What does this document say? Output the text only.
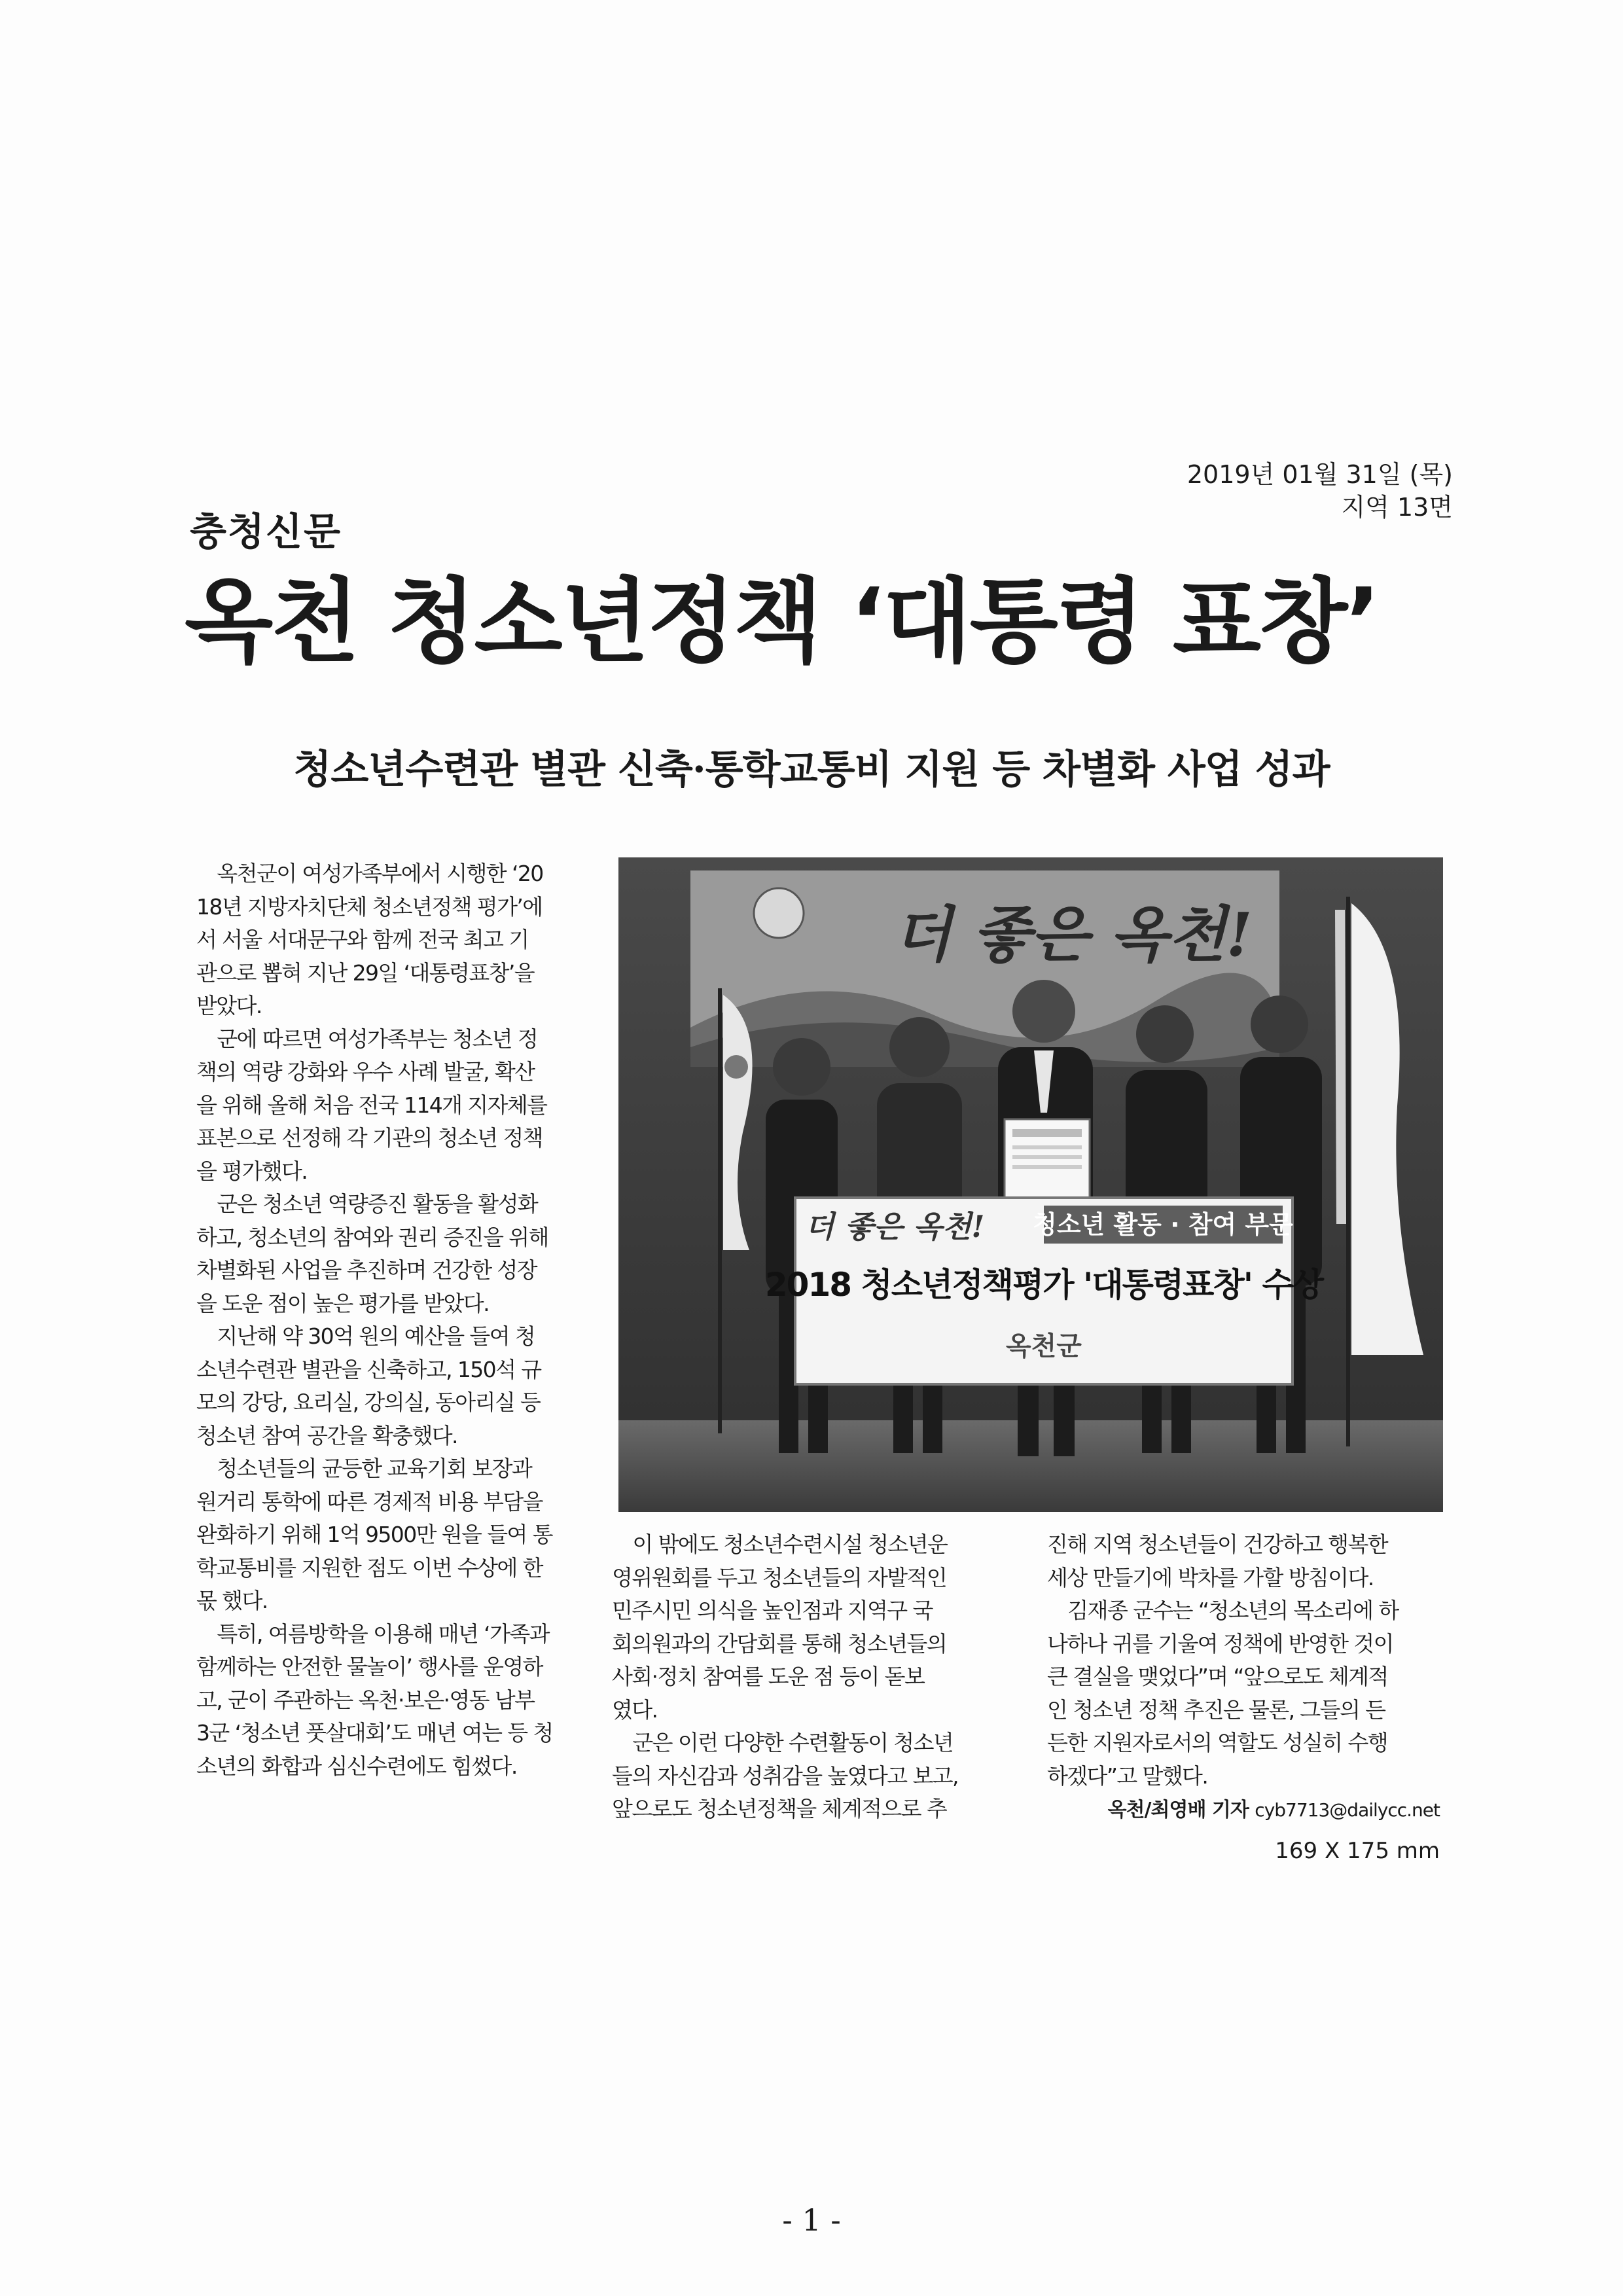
충청신문
2019년 01월 31일 (목)
지역 13면
옥천 청소년정책 ‘대통령 표창’
청소년수련관 별관 신축·통학교통비 지원 등 차별화 사업 성과

　옥천군이 여성가족부에서 시행한 ‘20

18년 지방자치단체 청소년정책 평가’에

서 서울 서대문구와 함께 전국 최고 기

관으로 뽑혀 지난 29일 ‘대통령표창’을

받았다.

　군에 따르면 여성가족부는 청소년 정

책의 역량 강화와 우수 사례 발굴, 확산

을 위해 올해 처음 전국 114개 지자체를

표본으로 선정해 각 기관의 청소년 정책

을 평가했다.

　군은 청소년 역량증진 활동을 활성화

하고, 청소년의 참여와 권리 증진을 위해

차별화된 사업을 추진하며 건강한 성장

을 도운 점이 높은 평가를 받았다.

　지난해 약 30억 원의 예산을 들여 청

소년수련관 별관을 신축하고, 150석 규

모의 강당, 요리실, 강의실, 동아리실 등

청소년 참여 공간을 확충했다.

　청소년들의 균등한 교육기회 보장과

원거리 통학에 따른 경제적 비용 부담을

완화하기 위해 1억 9500만 원을 들여 통

학교통비를 지원한 점도 이번 수상에 한

몫 했다.

　특히, 여름방학을 이용해 매년 ‘가족과

함께하는 안전한 물놀이’ 행사를 운영하

고, 군이 주관하는 옥천·보은·영동 남부

3군 ‘청소년 풋살대회’도 매년 여는 등 청

소년의 화합과 심신수련에도 힘썼다.

　이 밖에도 청소년수련시설 청소년운

영위원회를 두고 청소년들의 자발적인

민주시민 의식을 높인점과 지역구 국

회의원과의 간담회를 통해 청소년들의

사회·정치 참여를 도운 점 등이 돋보

였다.

　군은 이런 다양한 수련활동이 청소년

들의 자신감과 성취감을 높였다고 보고,

앞으로도 청소년정책을 체계적으로 추

진해 지역 청소년들이 건강하고 행복한

세상 만들기에 박차를 가할 방침이다.

　김재종 군수는 “청소년의 목소리에 하

나하나 귀를 기울여 정책에 반영한 것이

큰 결실을 맺었다”며 “앞으로도 체계적

인 청소년 정책 추진은 물론, 그들의 든

든한 지원자로서의 역할도 성실히 수행

하겠다”고 말했다.

더 좋은 옥천!
청소년 활동 · 참여 부문
더 좋은 옥천!
2018 청소년정책평가 '대통령표창' 수상
옥천군
옥천/최영배 기자 cyb7713@dailycc.net
169 X 175 mm
- 1 -
